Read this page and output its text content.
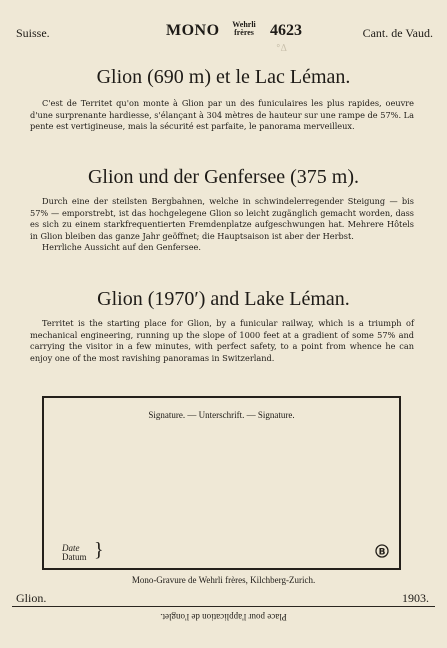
Suisse.	MONO	Wehrli
frères	4623	Cant. de Vaud.
°Δ
Glion (690 m) et le Lac Léman.

C'est de Territet qu'on monte à Glion par un des funiculaires les plus rapides, oeuvre d'une surprenante hardiesse, s'élançant à 304 mètres de hauteur sur une rampe de 57%. La pente est vertigineuse, mais la sécurité est parfaite, le panorama merveilleux.

Glion und der Genfersee (375 m).

Durch eine der steilsten Bergbahnen, welche in schwindelerregender Steigung — bis 57% — emporstrebt, ist das hochgelegene Glion so leicht zugänglich gemacht worden, dass es sich zu einem starkfrequentierten Fremdenplatze aufgeschwungen hat. Mehrere Hôtels in Glion bleiben das ganze Jahr geöffnet; die Hauptsaison ist aber der Herbst.

Herrliche Aussicht auf den Genfersee.

Glion (1970′) and Lake Léman.

Territet is the starting place for Glion, by a funicular railway, which is a triumph of mechanical engineering, running up the slope of 1000 feet at a gradient of some 57% and carrying the visitor in a few minutes, with perfect safety, to a point from whence he can enjoy one of the most ravishing panoramas in Switzerland.

Signature. — Unterschrift. — Signature.
Date
Datum }	B
Mono-Gravure de Wehrli frères, Kilchberg-Zurich.
Glion.	1903.
Place pour l'application de l'onglet.
